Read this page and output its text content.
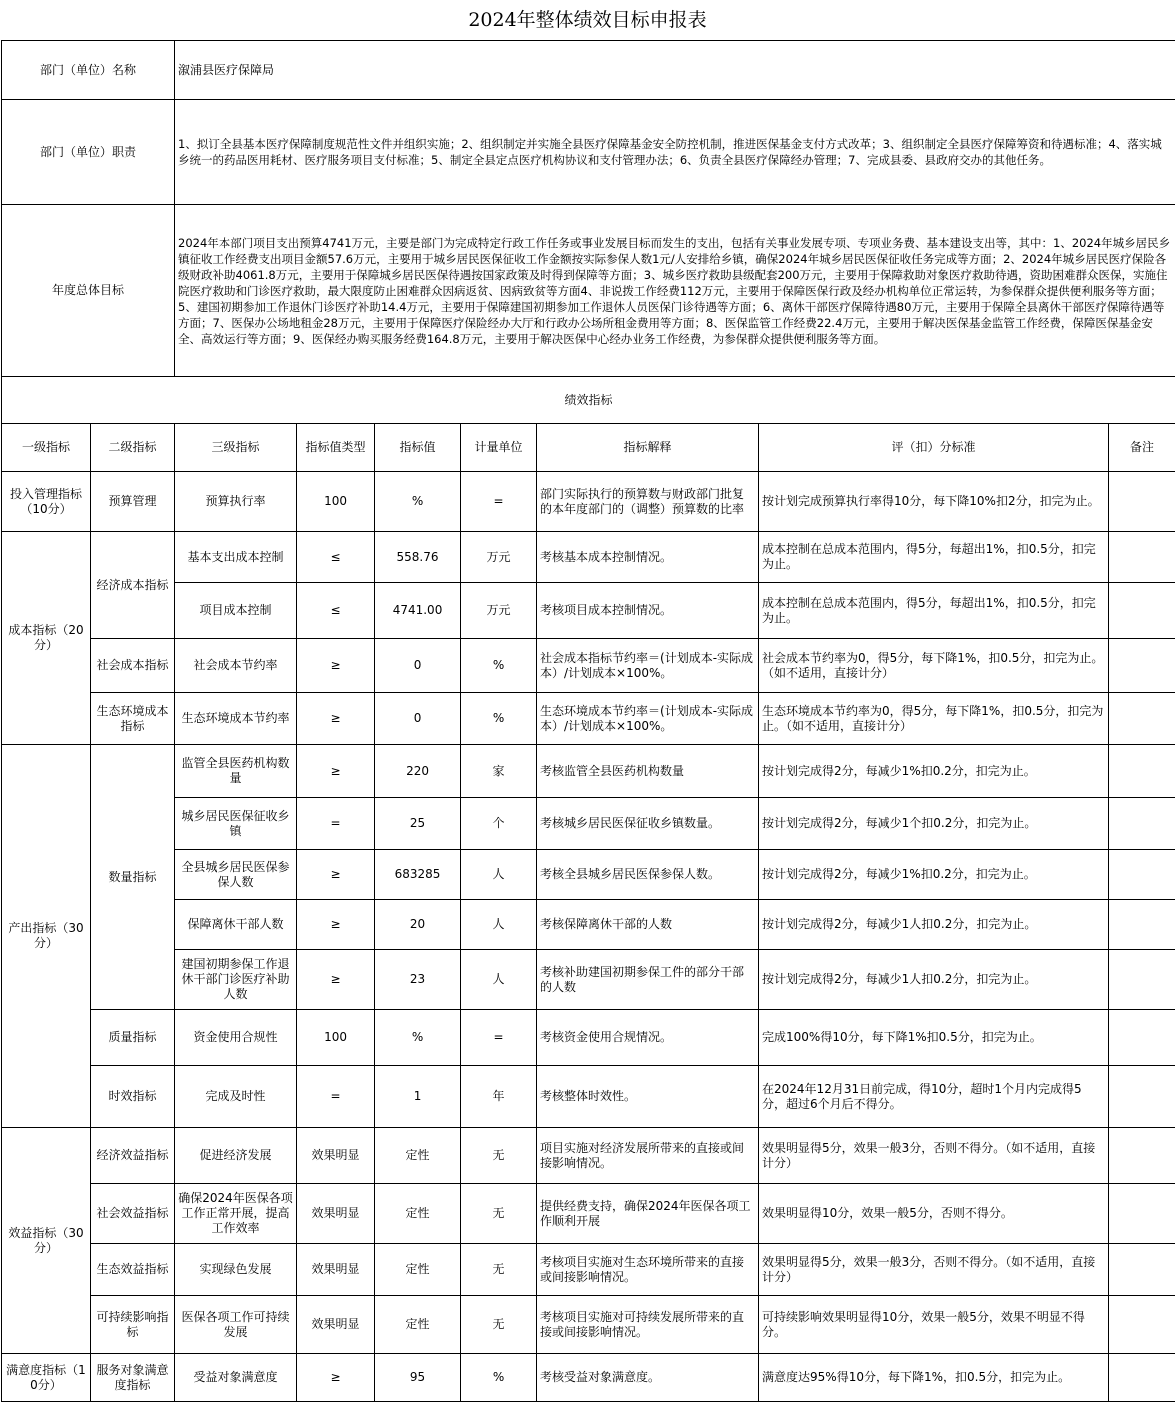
2024年整体绩效目标申报表
部门（单位）名称		溆浦县医疗保障局						
部门（单位）职责		1、拟订全县基本医疗保障制度规范性文件并组织实施；2、组织制定并实施全县医疗保障基金安全防控机制，推进医保基金支付方式改革；3、组织制定全县医疗保障筹资和待遇标准；4、落实城乡统一的药品医用耗材、医疗服务项目支付标准；5、制定全县定点医疗机构协议和支付管理办法；6、负责全县医疗保障经办管理；7、完成县委、县政府交办的其他任务。						
年度总体目标		2024年本部门项目支出预算4741万元，主要是部门为完成特定行政工作任务或事业发展目标而发生的支出，包括有关事业发展专项、专项业务费、基本建设支出等，其中：1、2024年城乡居民乡镇征收工作经费支出项目金额57.6万元，主要用于城乡居民医保征收工作金额按实际参保人数1元/人安排给乡镇，确保2024年城乡居民医保征收任务完成等方面；2、2024年城乡居民医疗保险各级财政补助4061.8万元，主要用于保障城乡居民医保待遇按国家政策及时得到保障等方面；3、城乡医疗救助县级配套200万元，主要用于保障救助对象医疗救助待遇，资助困难群众医保，实施住院医疗救助和门诊医疗救助，最大限度防止困难群众因病返贫、因病致贫等方面4、非说拨工作经费112万元，主要用于保障医保行政及经办机构单位正常运转，为参保群众提供便利服务等方面；5、建国初期参加工作退休门诊医疗补助14.4万元，主要用于保障建国初期参加工作退休人员医保门诊待遇等方面；6、离休干部医疗保障待遇80万元，主要用于保障全县离休干部医疗保障待遇等方面；7、医保办公场地租金28万元，主要用于保障医疗保险经办大厅和行政办公场所租金费用等方面；8、医保监管工作经费22.4万元，主要用于解决医保基金监管工作经费，保障医保基金安全、高效运行等方面；9、医保经办购买服务经费164.8万元，主要用于解决医保中心经办业务工作经费，为参保群众提供便利服务等方面。						
绩效指标								
一级指标	二级指标	三级指标	指标值类型	指标值	计量单位	指标解释	评（扣）分标准	备注
投入管理指标（10分）	预算管理	预算执行率	100	%	=	部门实际执行的预算数与财政部门批复的本年度部门的（调整）预算数的比率	按计划完成预算执行率得10分，每下降10%扣2分，扣完为止。	
成本指标（20分）	经济成本指标	基本支出成本控制	≤	558.76	万元	考核基本成本控制情况。	成本控制在总成本范围内，得5分，每超出1%，扣0.5分，扣完为止。	
		项目成本控制	≤	4741.00	万元	考核项目成本控制情况。	成本控制在总成本范围内，得5分，每超出1%，扣0.5分，扣完为止。	
	社会成本指标	社会成本节约率	≥	0	%	社会成本指标节约率＝(计划成本-实际成本）/计划成本×100%。	社会成本节约率为0，得5分，每下降1%，扣0.5分，扣完为止。（如不适用，直接计分）	
	生态环境成本指标	生态环境成本节约率	≥	0	%	生态环境成本节约率＝(计划成本-实际成本）/计划成本×100%。	生态环境成本节约率为0，得5分，每下降1%，扣0.5分，扣完为止。（如不适用，直接计分）	
产出指标（30分）	数量指标	监管全县医药机构数量	≥	220	家	考核监管全县医药机构数量	按计划完成得2分，每减少1%扣0.2分，扣完为止。	
		城乡居民医保征收乡镇	=	25	个	考核城乡居民医保征收乡镇数量。	按计划完成得2分，每减少1个扣0.2分，扣完为止。	
		全县城乡居民医保参保人数	≥	683285	人	考核全县城乡居民医保参保人数。	按计划完成得2分，每减少1%扣0.2分，扣完为止。	
		保障离休干部人数	≥	20	人	考核保障离休干部的人数	按计划完成得2分，每减少1人扣0.2分，扣完为止。	
		建国初期参保工作退休干部门诊医疗补助人数	≥	23	人	考核补助建国初期参保工件的部分干部的人数	按计划完成得2分，每减少1人扣0.2分，扣完为止。	
	质量指标	资金使用合规性	100	%	=	考核资金使用合规情况。	完成100%得10分，每下降1%扣0.5分，扣完为止。	
	时效指标	完成及时性	=	1	年	考核整体时效性。	在2024年12月31日前完成，得10分，超时1个月内完成得5分，超过6个月后不得分。	
效益指标（30分）	经济效益指标	促进经济发展	效果明显	定性	无	项目实施对经济发展所带来的直接或间接影响情况。	效果明显得5分，效果一般3分，否则不得分。（如不适用，直接计分）	
	社会效益指标	确保2024年医保各项工作正常开展，提高工作效率	效果明显	定性	无	提供经费支持，确保2024年医保各项工作顺利开展	效果明显得10分，效果一般5分，否则不得分。	
	生态效益指标	实现绿色发展	效果明显	定性	无	考核项目实施对生态环境所带来的直接或间接影响情况。	效果明显得5分，效果一般3分，否则不得分。（如不适用，直接计分）	
	可持续影响指标	医保各项工作可持续发展	效果明显	定性	无	考核项目实施对可持续发展所带来的直接或间接影响情况。	可持续影响效果明显得10分，效果一般5分，效果不明显不得分。	
满意度指标（10分）	服务对象满意度指标	受益对象满意度	≥	95	%	考核受益对象满意度。	满意度达95%得10分，每下降1%，扣0.5分，扣完为止。	
